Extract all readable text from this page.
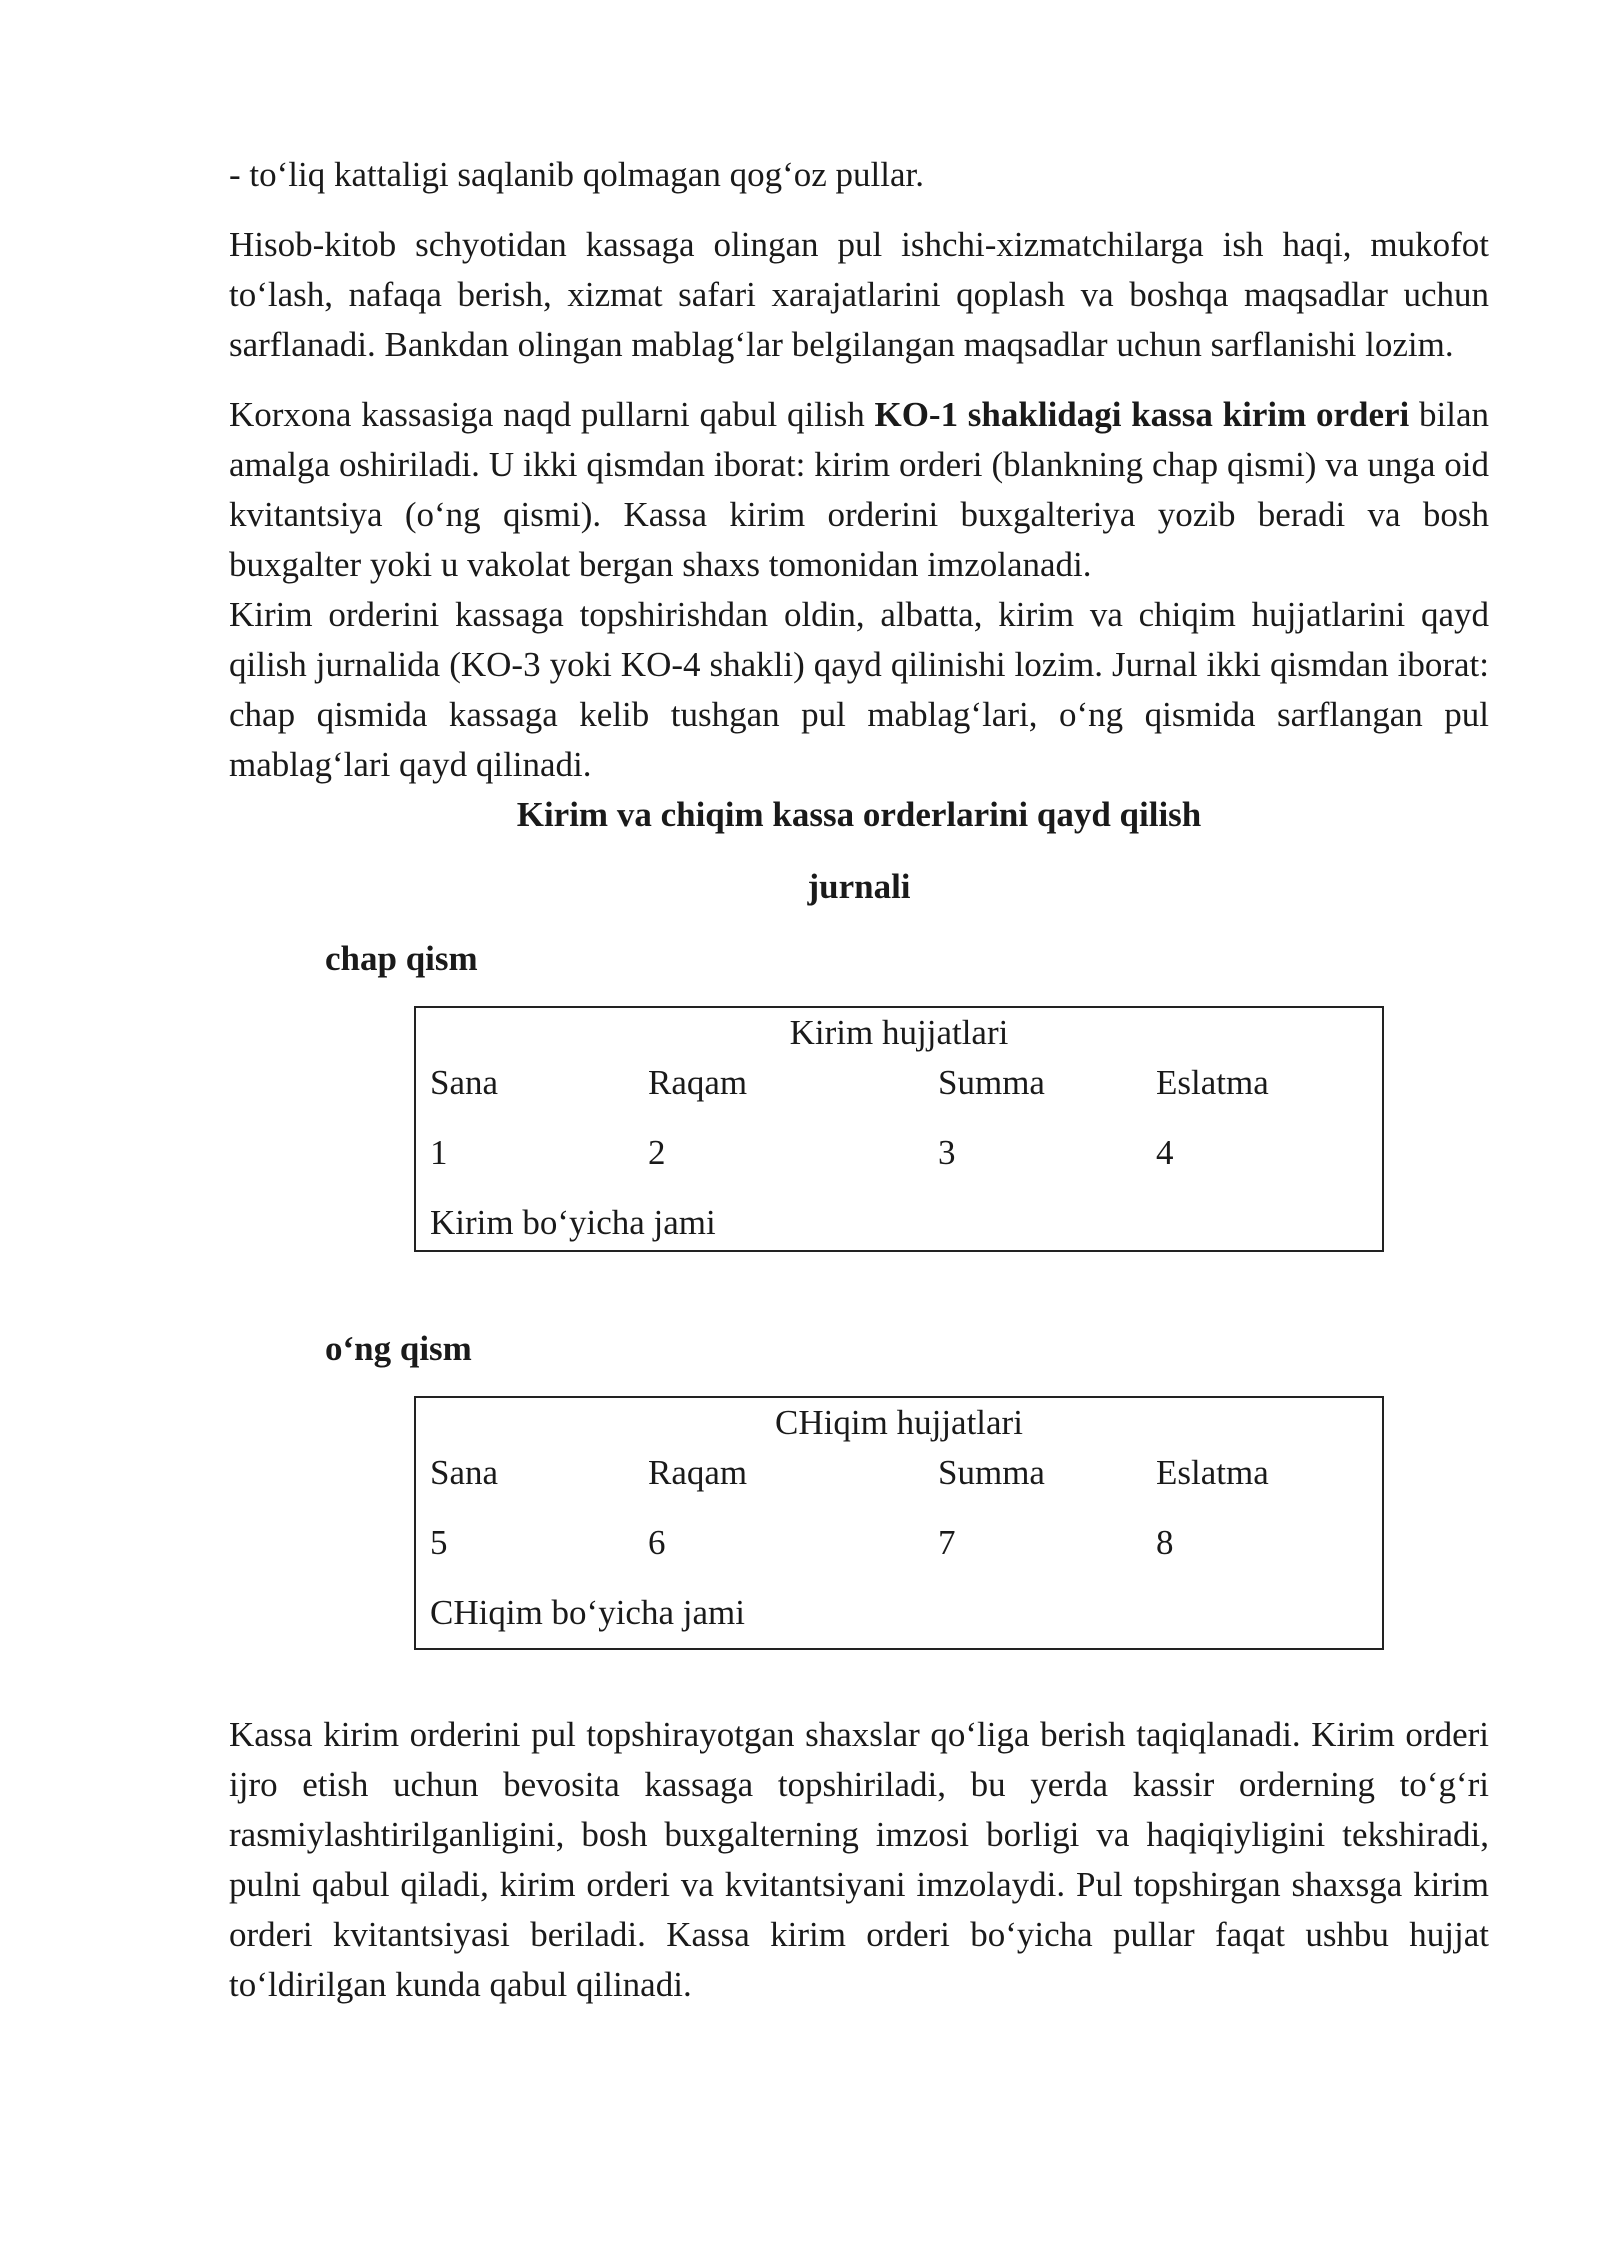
- to‘liq kattaligi saqlanib qolmagan qog‘oz pullar.

Hisob-kitob schyotidan kassaga olingan pul ishchi-xizmatchilarga ish haqi, mukofot to‘lash, nafaqa berish, xizmat safari xarajatlarini qoplash va boshqa maqsadlar uchun sarflanadi. Bankdan olingan mablag‘lar belgilangan maqsadlar uchun sarflanishi lozim.

Korxona kassasiga naqd pullarni qabul qilish KO-1 shaklidagi kassa kirim orderi bilan amalga oshiriladi. U ikki qismdan iborat: kirim orderi (blankning chap qismi) va unga oid kvitantsiya (o‘ng qismi). Kassa kirim orderini buxgalteriya yozib beradi va bosh buxgalter yoki u vakolat bergan shaxs tomonidan imzolanadi.

Kirim orderini kassaga topshirishdan oldin, albatta, kirim va chiqim hujjatlarini qayd qilish jurnalida (KO-3 yoki KO-4 shakli) qayd qilinishi lozim. Jurnal ikki qismdan iborat: chap qismida kassaga kelib tushgan pul mablag‘lari, o‘ng qismida sarflangan pul mablag‘lari qayd qilinadi.

Kirim va chiqim kassa orderlarini qayd qilish
jurnali
chap qism
Kirim hujjatlari
Sana	Raqam	Summa	Eslatma
1	2	3	4
Kirim bo‘yicha jami
o‘ng qism
CHiqim hujjatlari
Sana	Raqam	Summa	Eslatma
5	6	7	8
CHiqim bo‘yicha jami

Kassa kirim orderini pul topshirayotgan shaxslar qo‘liga berish taqiqlanadi. Kirim orderi ijro etish uchun bevosita kassaga topshiriladi, bu yerda kassir orderning to‘g‘ri rasmiylashtirilganligini, bosh buxgalterning imzosi borligi va haqiqiyligini tekshiradi, pulni qabul qiladi, kirim orderi va kvitantsiyani imzolaydi. Pul topshirgan shaxsga kirim orderi kvitantsiyasi beriladi. Kassa kirim orderi bo‘yicha pullar faqat ushbu hujjat to‘ldirilgan kunda qabul qilinadi.
